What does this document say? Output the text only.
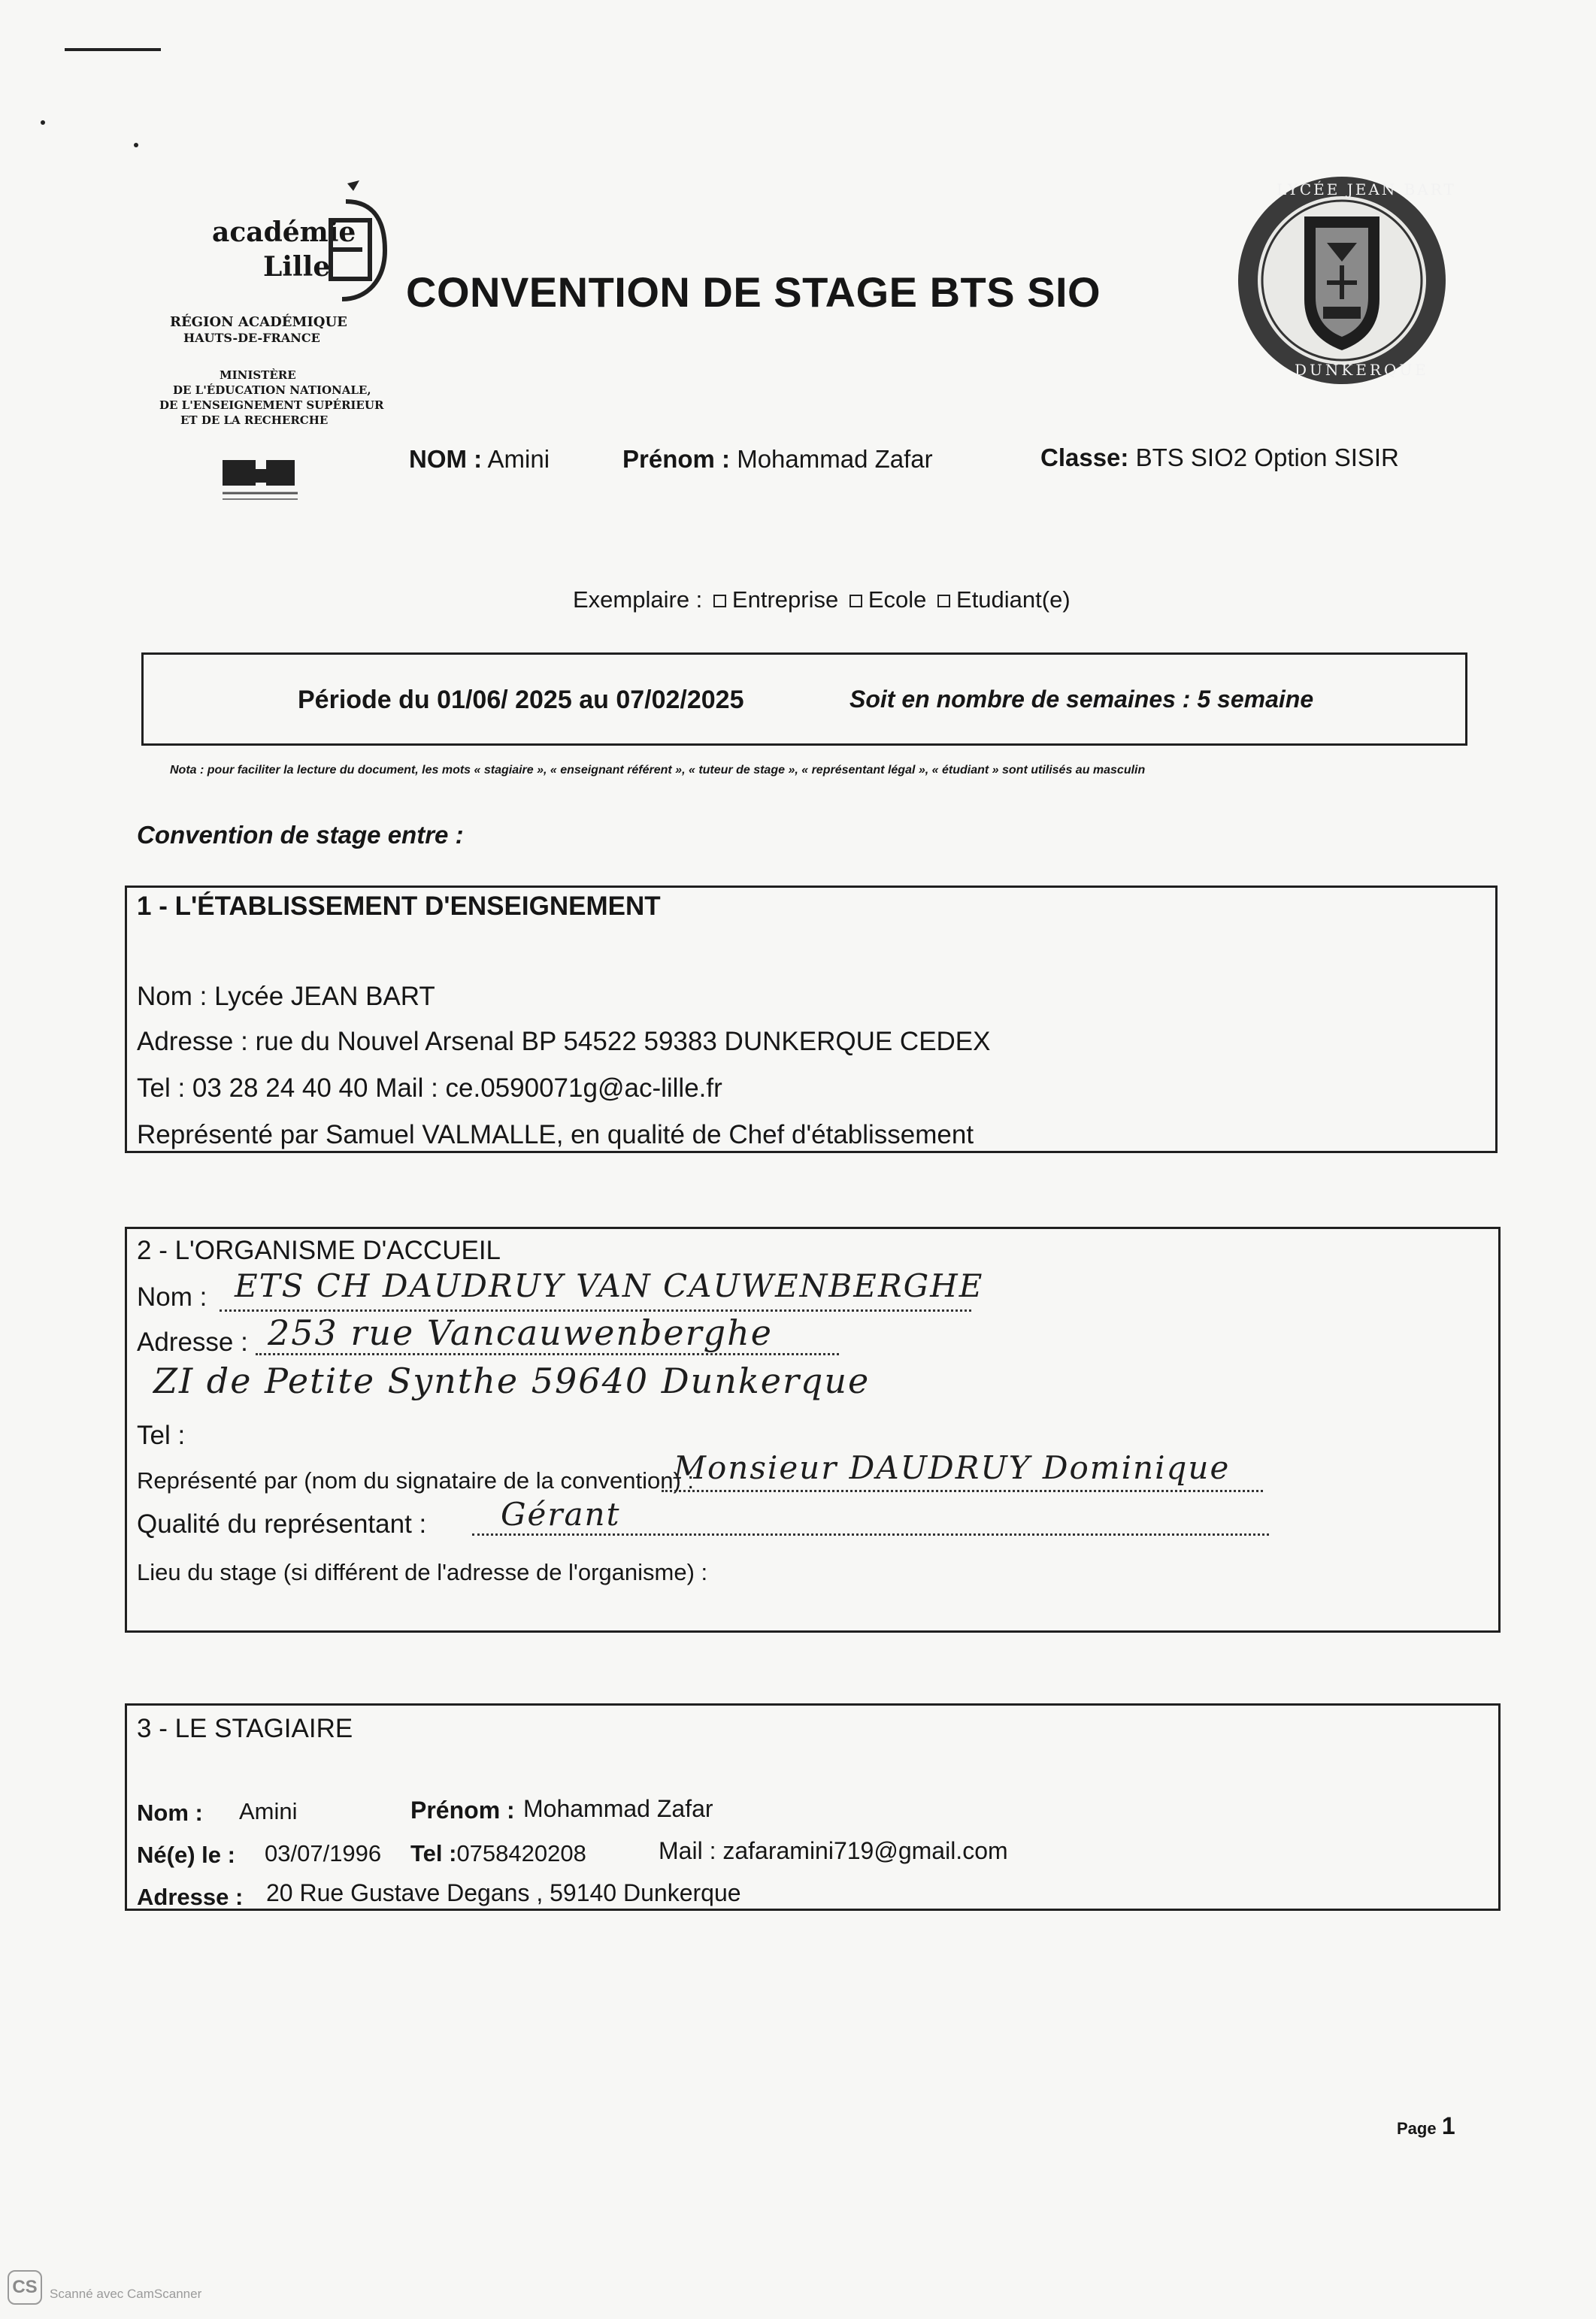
académie
Lille
RÉGION ACADÉMIQUE
HAUTS-DE-FRANCE
MINISTÈRE
DE L'ÉDUCATION NATIONALE,
DE L'ENSEIGNEMENT SUPÉRIEUR
ET DE LA RECHERCHE
CONVENTION DE STAGE BTS SIO
LYCÉE JEAN BART
DUNKERQUE
NOM : Amini	Prénom : Mohammad Zafar	Classe: BTS SIO2 Option SISIR
Exemplaire : Entreprise Ecole Etudiant(e)
Période du 01/06/ 2025 au 07/02/2025	Soit en nombre de semaines : 5 semaine
Nota : pour faciliter la lecture du document, les mots « stagiaire », « enseignant référent », « tuteur de stage », « représentant légal », « étudiant » sont utilisés au masculin
Convention de stage entre :
1 - L'ÉTABLISSEMENT D'ENSEIGNEMENT
Nom : Lycée JEAN BART
Adresse : rue du Nouvel Arsenal BP 54522 59383 DUNKERQUE CEDEX
Tel : 03 28 24 40 40 Mail : ce.0590071g@ac-lille.fr
Représenté par Samuel VALMALLE, en qualité de Chef d'établissement
2 - L'ORGANISME D'ACCUEIL
Nom : ETS CH DAUDRUY VAN CAUWENBERGHE
Adresse : 253 rue Vancauwenberghe
ZI de Petite Synthe 59640 Dunkerque
Tel :
Représenté par (nom du signataire de la convention) :
Monsieur DAUDRUY Dominique
Qualité du représentant : Gérant
Lieu du stage (si différent de l'adresse de l'organisme) :
3 - LE STAGIAIRE
Nom : Amini	Prénom : Mohammad Zafar
Né(e) le : 03/07/1996 Tel :0758420208	Mail : zafaramini719@gmail.com
Adresse : 20 Rue Gustave Degans , 59140 Dunkerque
Page 1
CS Scanné avec CamScanner
